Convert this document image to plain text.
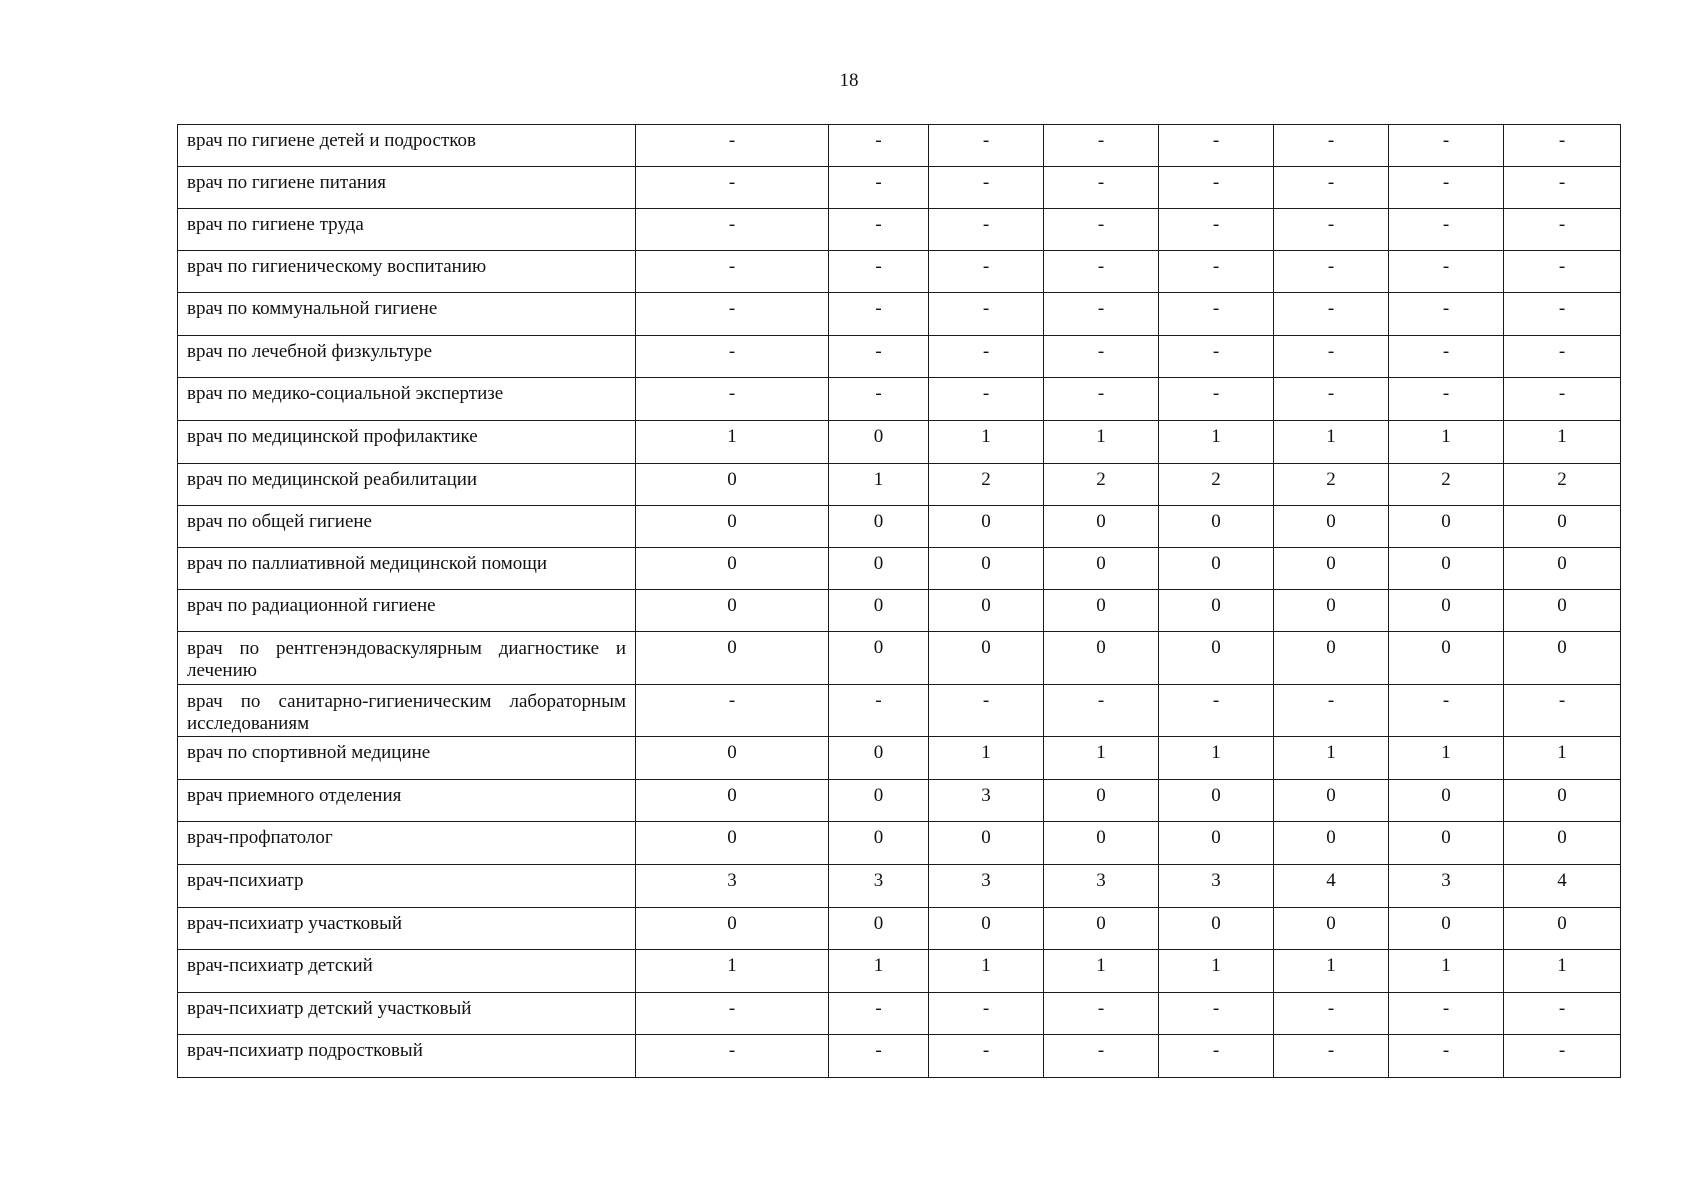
18
врач по гигиене детей и подростков	-	-	-	-	-	-	-	-
врач по гигиене питания	-	-	-	-	-	-	-	-
врач по гигиене труда	-	-	-	-	-	-	-	-
врач по гигиеническому воспитанию	-	-	-	-	-	-	-	-
врач по коммунальной гигиене	-	-	-	-	-	-	-	-
врач по лечебной физкультуре	-	-	-	-	-	-	-	-
врач по медико-социальной экспертизе	-	-	-	-	-	-	-	-
врач по медицинской профилактике	1	0	1	1	1	1	1	1
врач по медицинской реабилитации	0	1	2	2	2	2	2	2
врач по общей гигиене	0	0	0	0	0	0	0	0
врач по паллиативной медицинской помощи	0	0	0	0	0	0	0	0
врач по радиационной гигиене	0	0	0	0	0	0	0	0
врач по рентгенэндоваскулярным диагностике и лечению	0	0	0	0	0	0	0	0
врач по санитарно-гигиеническим лабораторным исследованиям	-	-	-	-	-	-	-	-
врач по спортивной медицине	0	0	1	1	1	1	1	1
врач приемного отделения	0	0	3	0	0	0	0	0
врач-профпатолог	0	0	0	0	0	0	0	0
врач-психиатр	3	3	3	3	3	4	3	4
врач-психиатр участковый	0	0	0	0	0	0	0	0
врач-психиатр детский	1	1	1	1	1	1	1	1
врач-психиатр детский участковый	-	-	-	-	-	-	-	-
врач-психиатр подростковый	-	-	-	-	-	-	-	-
